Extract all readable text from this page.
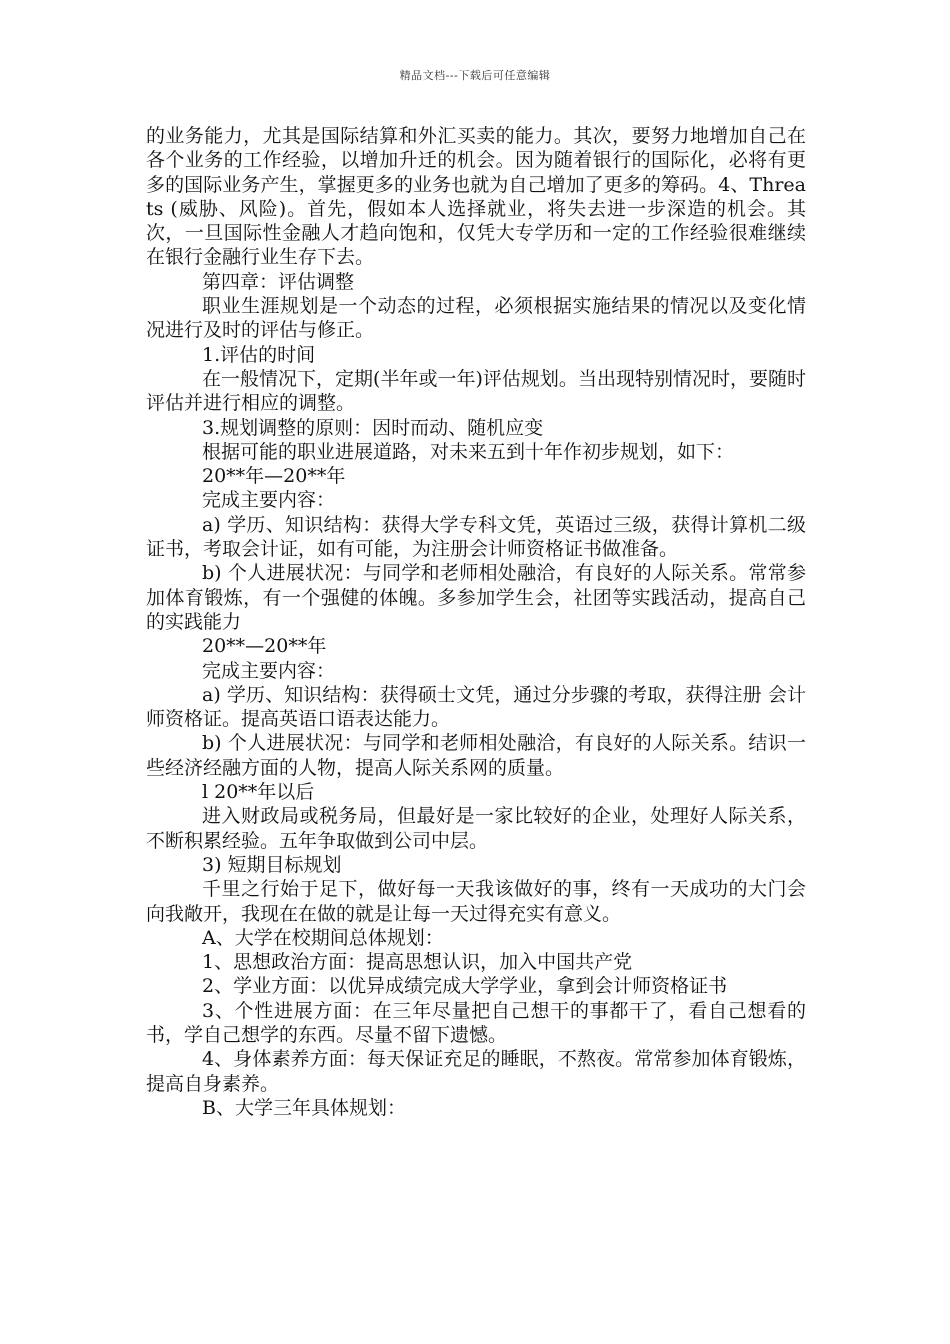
精品文档---下载后可任意编辑

的业务能力，尤其是国际结算和外汇买卖的能力。其次，要努力地增加自己在各个业务的工作经验，以增加升迁的机会。因为随着银行的国际化，必将有更多的国际业务产生，掌握更多的业务也就为自己增加了更多的筹码。4、Threats (威胁、风险)。首先，假如本人选择就业，将失去进一步深造的机会。其次，一旦国际性金融人才趋向饱和，仅凭大专学历和一定的工作经验很难继续在银行金融行业生存下去。

第四章：评估调整

职业生涯规划是一个动态的过程，必须根据实施结果的情况以及变化情况进行及时的评估与修正。

1.评估的时间

在一般情况下，定期(半年或一年)评估规划。当出现特别情况时，要随时评估并进行相应的调整。

3.规划调整的原则：因时而动、随机应变

根据可能的职业进展道路，对未来五到十年作初步规划，如下：

20**年—20**年

完成主要内容：

a) 学历、知识结构：获得大学专科文凭，英语过三级，获得计算机二级证书，考取会计证，如有可能，为注册会计师资格证书做准备。

b) 个人进展状况：与同学和老师相处融洽，有良好的人际关系。常常参加体育锻炼，有一个强健的体魄。多参加学生会，社团等实践活动，提高自己的实践能力

20**—20**年

完成主要内容：

a) 学历、知识结构：获得硕士文凭，通过分步骤的考取，获得注册 会计师资格证。提高英语口语表达能力。

b) 个人进展状况：与同学和老师相处融洽，有良好的人际关系。结识一些经济经融方面的人物，提高人际关系网的质量。

l 20**年以后

进入财政局或税务局，但最好是一家比较好的企业，处理好人际关系，不断积累经验。五年争取做到公司中层。

3) 短期目标规划

千里之行始于足下，做好每一天我该做好的事，终有一天成功的大门会向我敞开，我现在在做的就是让每一天过得充实有意义。

A、大学在校期间总体规划：

1、思想政治方面：提高思想认识，加入中国共产党

2、学业方面：以优异成绩完成大学学业，拿到会计师资格证书

3、个性进展方面：在三年尽量把自己想干的事都干了，看自己想看的书，学自己想学的东西。尽量不留下遗憾。

4、身体素养方面：每天保证充足的睡眠，不熬夜。常常参加体育锻炼，提高自身素养。

B、大学三年具体规划：
